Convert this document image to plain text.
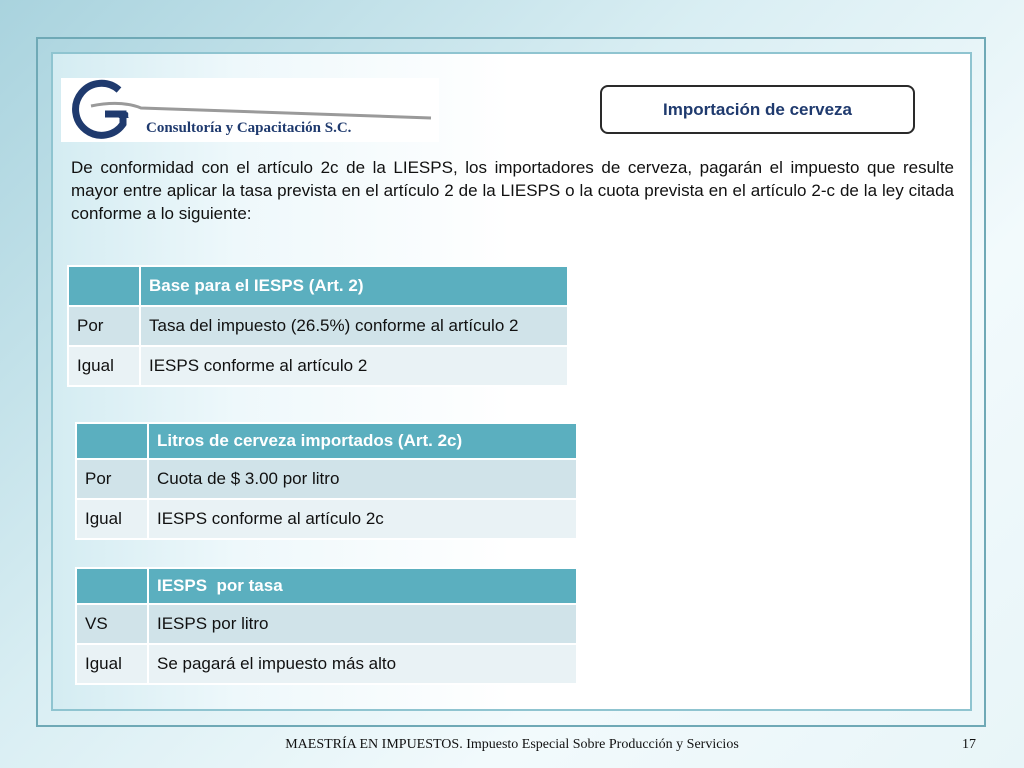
va
Consultoría y Capacitación S.C.
Importación de cerveza
De conformidad con el artículo 2c de la LIESPS, los importadores de cerveza, pagarán el impuesto que resulte mayor entre aplicar la tasa prevista en el artículo 2 de la LIESPS o la cuota prevista en el artículo 2-c de la ley citada conforme a lo siguiente:
	Base para el IESPS (Art. 2)
Por	Tasa del impuesto (26.5%) conforme al artículo 2
Igual	IESPS conforme al artículo 2
	Litros de cerveza importados (Art. 2c)
Por	Cuota de $ 3.00 por litro
Igual	IESPS conforme al artículo 2c
	IESPS  por tasa
VS	IESPS por litro
Igual	Se pagará el impuesto más alto
MAESTRÍA EN IMPUESTOS. Impuesto Especial Sobre Producción y Servicios	17
